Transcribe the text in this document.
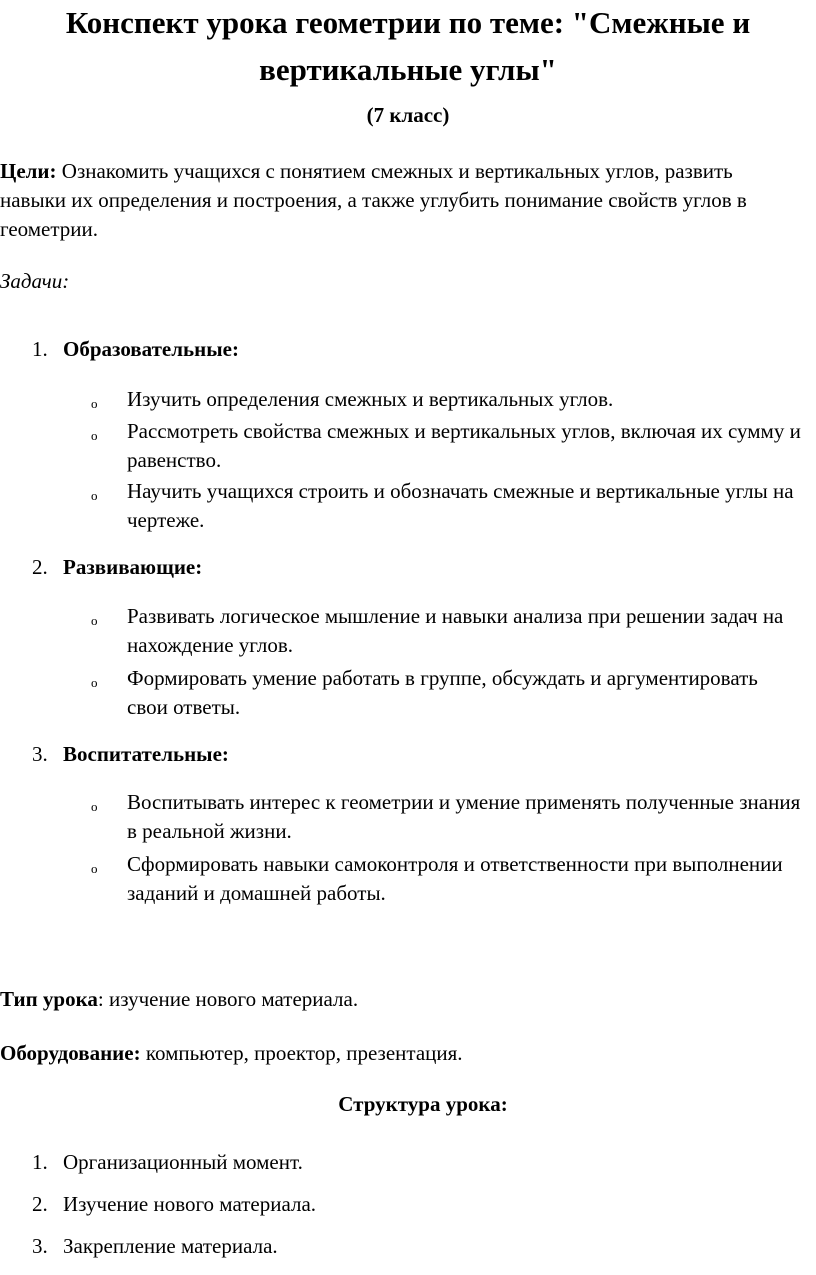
Конспект урока геометрии по теме: "Смежные и
вертикальные углы"
(7 класс)
Цели: Ознакомить учащихся с понятием смежных и вертикальных углов, развить навыки их определения и построения, а также углубить понимание свойств углов в геометрии.
Задачи:
1. Образовательные:
o Изучить определения смежных и вертикальных углов.
o Рассмотреть свойства смежных и вертикальных углов, включая их сумму и равенство.
o Научить учащихся строить и обозначать смежные и вертикальные углы на чертеже.
2. Развивающие:
o Развивать логическое мышление и навыки анализа при решении задач на нахождение углов.
o Формировать умение работать в группе, обсуждать и аргументировать свои ответы.
3. Воспитательные:
o Воспитывать интерес к геометрии и умение применять полученные знания в реальной жизни.
o Сформировать навыки самоконтроля и ответственности при выполнении заданий и домашней работы.
Тип урока: изучение нового материала.
Оборудование: компьютер, проектор, презентация.
Структура урока:
1. Организационный момент.
2. Изучение нового материала.
3. Закрепление материала.
